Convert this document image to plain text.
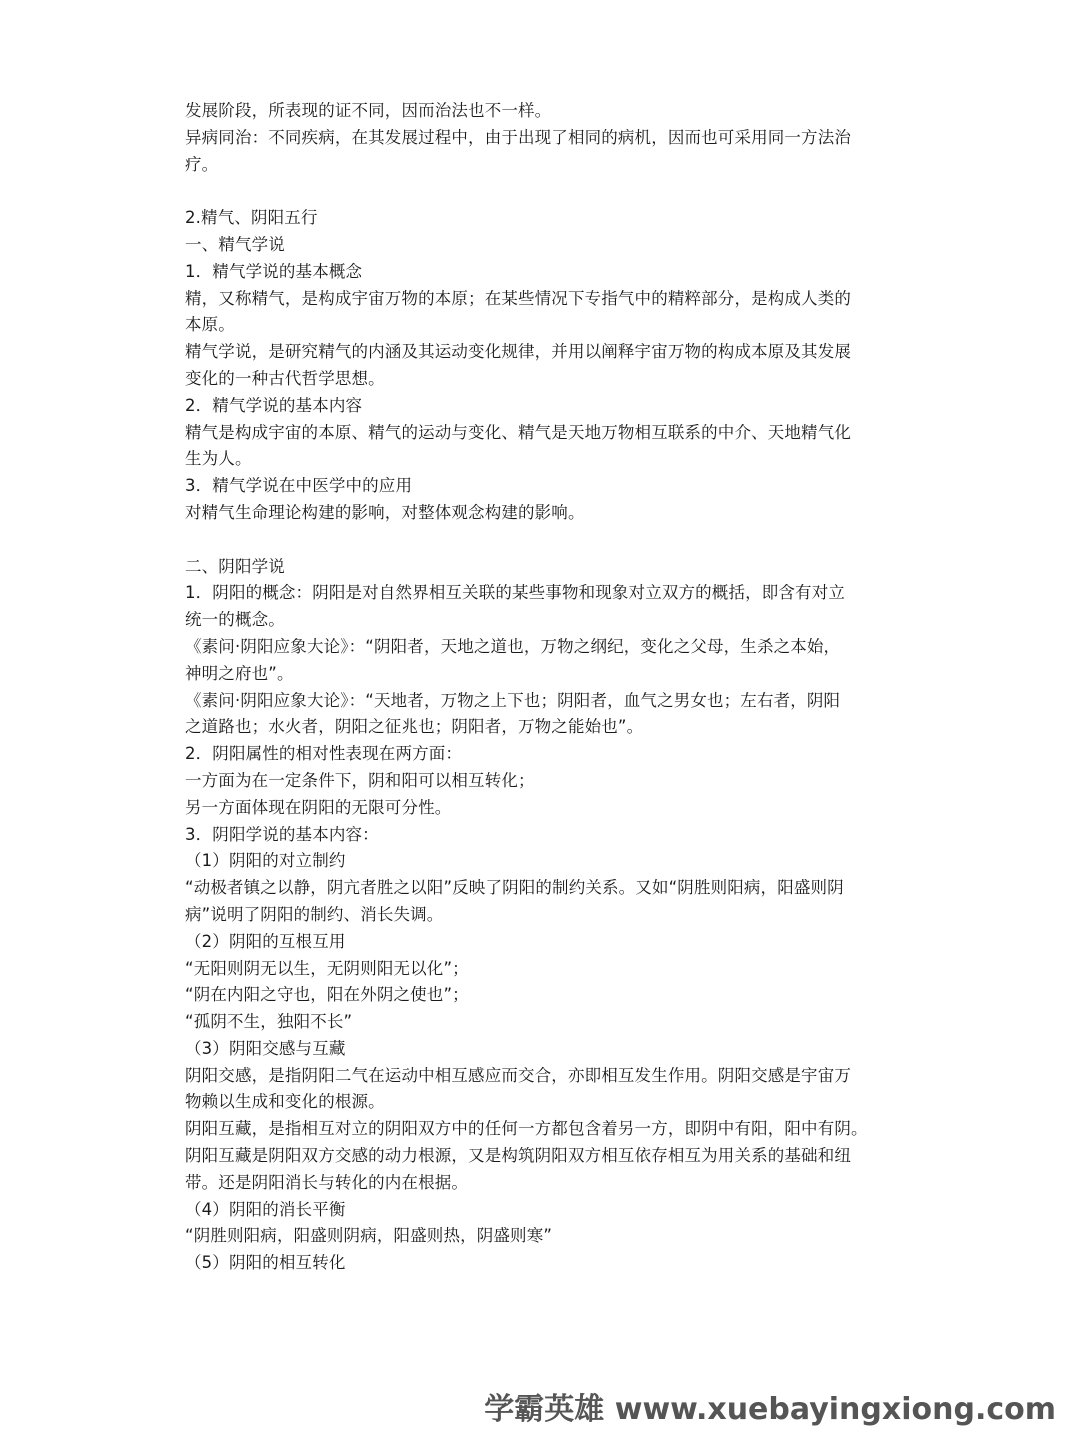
发展阶段，所表现的证不同，因而治法也不一样。
异病同治：不同疾病，在其发展过程中，由于出现了相同的病机，因而也可采用同一方法治
疗。
2.精气、阴阳五行
一、精气学说
1．精气学说的基本概念
精，又称精气，是构成宇宙万物的本原；在某些情况下专指气中的精粹部分，是构成人类的
本原。
精气学说，是研究精气的内涵及其运动变化规律，并用以阐释宇宙万物的构成本原及其发展
变化的一种古代哲学思想。
2．精气学说的基本内容
精气是构成宇宙的本原、精气的运动与变化、精气是天地万物相互联系的中介、天地精气化
生为人。
3．精气学说在中医学中的应用
对精气生命理论构建的影响，对整体观念构建的影响。
二、阴阳学说
1．阴阳的概念：阴阳是对自然界相互关联的某些事物和现象对立双方的概括，即含有对立
统一的概念。
《素问·阴阳应象大论》：“阴阳者，天地之道也，万物之纲纪，变化之父母，生杀之本始，
神明之府也”。
《素问·阴阳应象大论》：“天地者，万物之上下也；阴阳者，血气之男女也；左右者，阴阳
之道路也；水火者，阴阳之征兆也；阴阳者，万物之能始也”。
2．阴阳属性的相对性表现在两方面：
一方面为在一定条件下，阴和阳可以相互转化；
另一方面体现在阴阳的无限可分性。
3．阴阳学说的基本内容：
（1）阴阳的对立制约
“动极者镇之以静，阴亢者胜之以阳”反映了阴阳的制约关系。又如“阴胜则阳病，阳盛则阴
病”说明了阴阳的制约、消长失调。
（2）阴阳的互根互用
“无阳则阴无以生，无阴则阳无以化”；
“阴在内阳之守也，阳在外阴之使也”；
“孤阴不生，独阳不长”
（3）阴阳交感与互藏
阴阳交感，是指阴阳二气在运动中相互感应而交合，亦即相互发生作用。阴阳交感是宇宙万
物赖以生成和变化的根源。
阴阳互藏，是指相互对立的阴阳双方中的任何一方都包含着另一方，即阴中有阳，阳中有阴。
阴阳互藏是阴阳双方交感的动力根源，又是构筑阴阳双方相互依存相互为用关系的基础和纽
带。还是阴阳消长与转化的内在根据。
（4）阴阳的消长平衡
“阴胜则阳病，阳盛则阴病，阳盛则热，阴盛则寒”
（5）阴阳的相互转化
学霸英雄 www.xuebayingxiong.com
